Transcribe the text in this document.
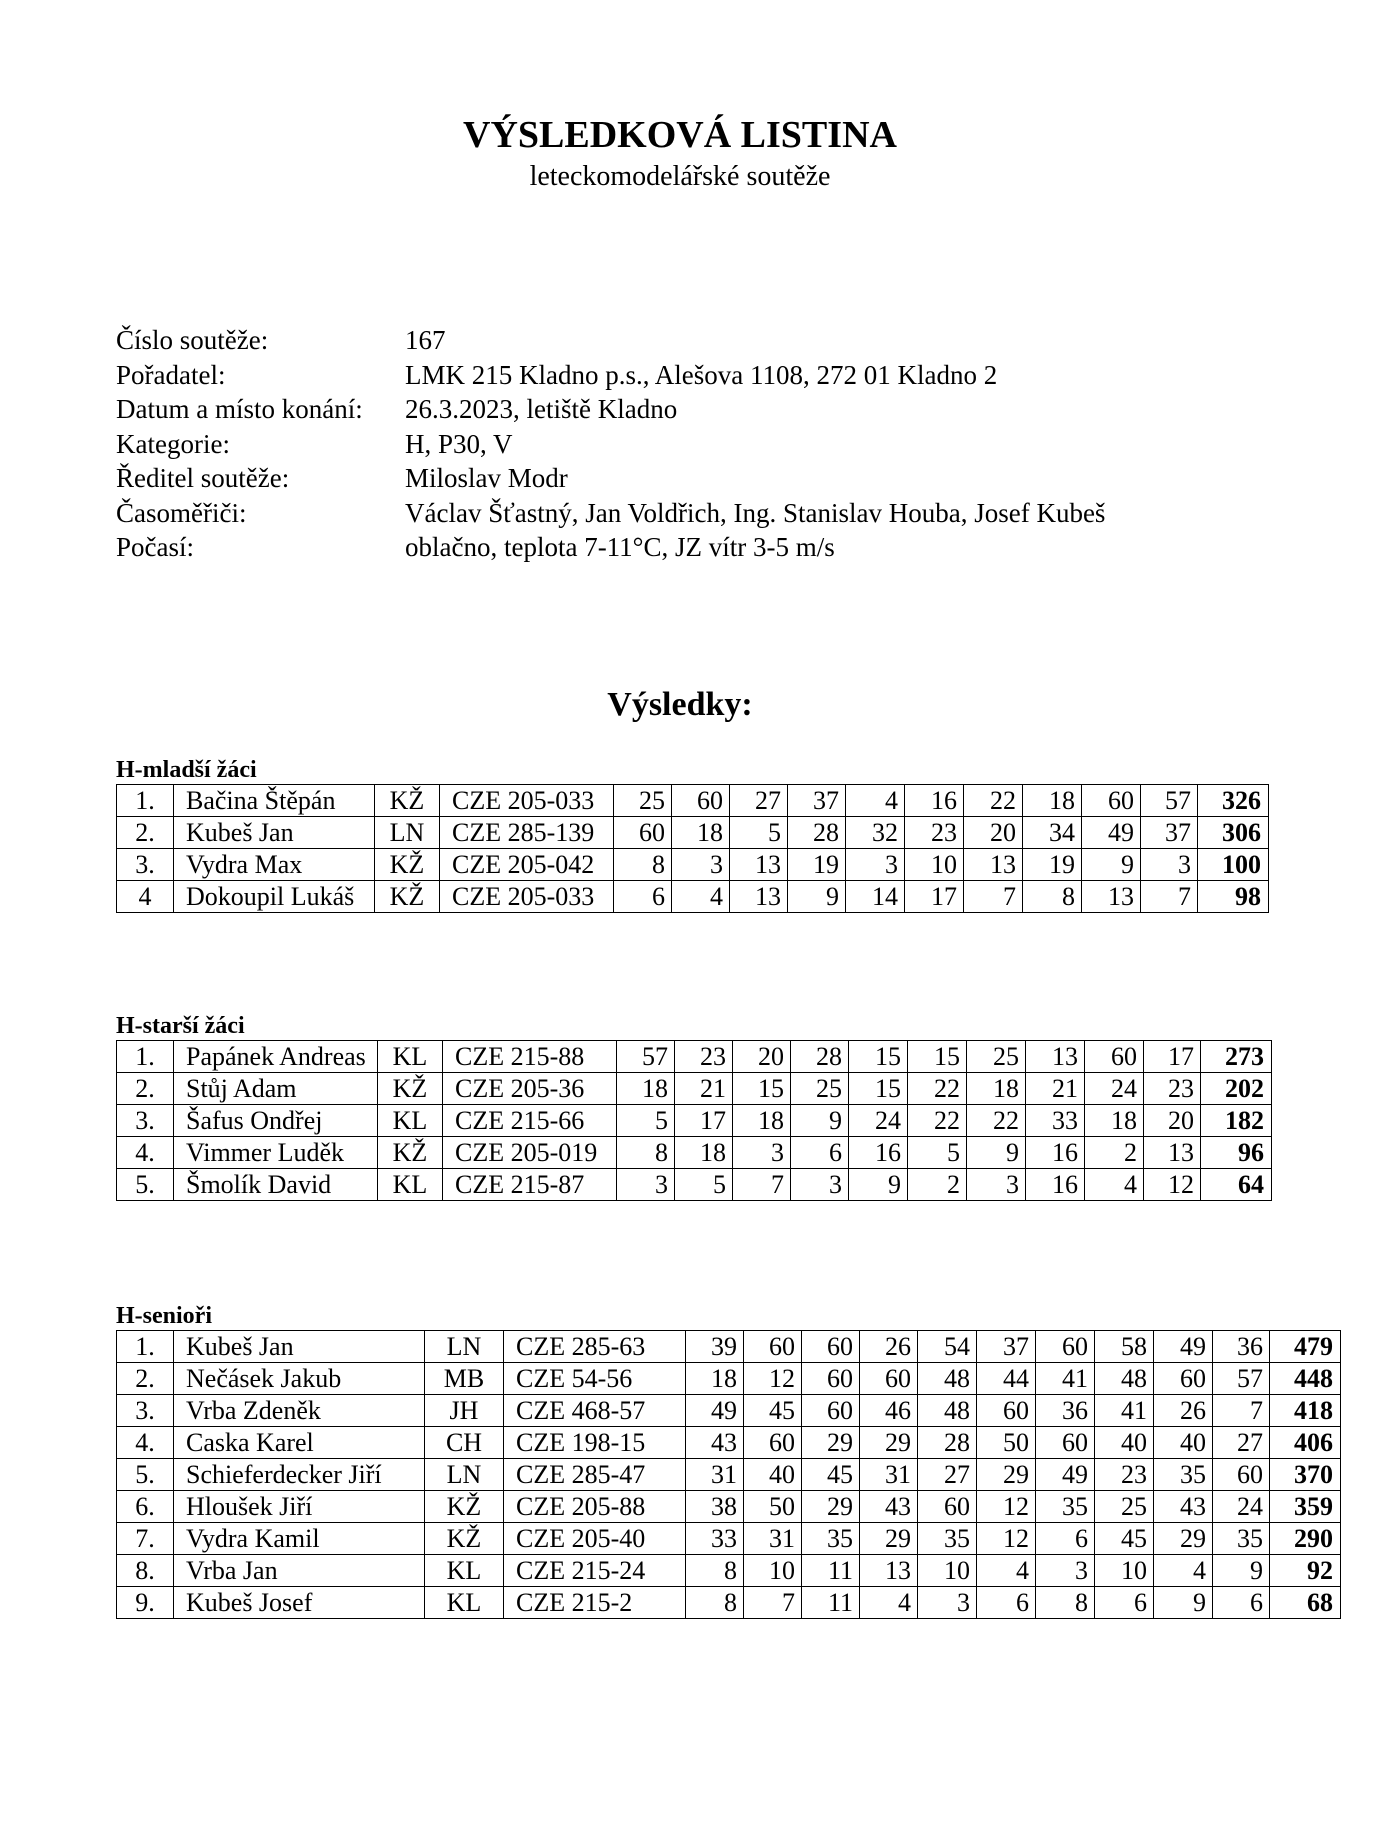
VÝSLEDKOVÁ LISTINA
leteckomodelářské soutěže
Číslo soutěže:	167
Pořadatel:	LMK 215 Kladno p.s., Alešova 1108, 272 01 Kladno 2
Datum a místo konání: 26.3.2023, letiště Kladno
Kategorie:	H, P30, V
Ředitel soutěže:	Miloslav Modr
Časoměřiči:	Václav Šťastný, Jan Voldřich, Ing. Stanislav Houba, Josef Kubeš
Počasí:	oblačno, teplota 7-11°C, JZ vítr 3-5 m/s
Výsledky:
H-mladší žáci
1.	Bačina Štěpán	KŽ	CZE 205-033	25	60	27	37	4	16	22	18	60	57	326
2.	Kubeš Jan	LN	CZE 285-139	60	18	5	28	32	23	20	34	49	37	306
3.	Vydra Max	KŽ	CZE 205-042	8	3	13	19	3	10	13	19	9	3	100
4	Dokoupil Lukáš	KŽ	CZE 205-033	6	4	13	9	14	17	7	8	13	7	98
H-starší žáci
1.	Papánek Andreas	KL	CZE 215-88	57	23	20	28	15	15	25	13	60	17	273
2.	Stůj Adam	KŽ	CZE 205-36	18	21	15	25	15	22	18	21	24	23	202
3.	Šafus Ondřej	KL	CZE 215-66	5	17	18	9	24	22	22	33	18	20	182
4.	Vimmer Luděk	KŽ	CZE 205-019	8	18	3	6	16	5	9	16	2	13	96
5.	Šmolík David	KL	CZE 215-87	3	5	7	3	9	2	3	16	4	12	64
H-senioři
1.	Kubeš Jan	LN	CZE 285-63	39	60	60	26	54	37	60	58	49	36	479
2.	Nečásek Jakub	MB	CZE 54-56	18	12	60	60	48	44	41	48	60	57	448
3.	Vrba Zdeněk	JH	CZE 468-57	49	45	60	46	48	60	36	41	26	7	418
4.	Caska Karel	CH	CZE 198-15	43	60	29	29	28	50	60	40	40	27	406
5.	Schieferdecker Jiří	LN	CZE 285-47	31	40	45	31	27	29	49	23	35	60	370
6.	Hloušek Jiří	KŽ	CZE 205-88	38	50	29	43	60	12	35	25	43	24	359
7.	Vydra Kamil	KŽ	CZE 205-40	33	31	35	29	35	12	6	45	29	35	290
8.	Vrba Jan	KL	CZE 215-24	8	10	11	13	10	4	3	10	4	9	92
9.	Kubeš Josef	KL	CZE 215-2	8	7	11	4	3	6	8	6	9	6	68
